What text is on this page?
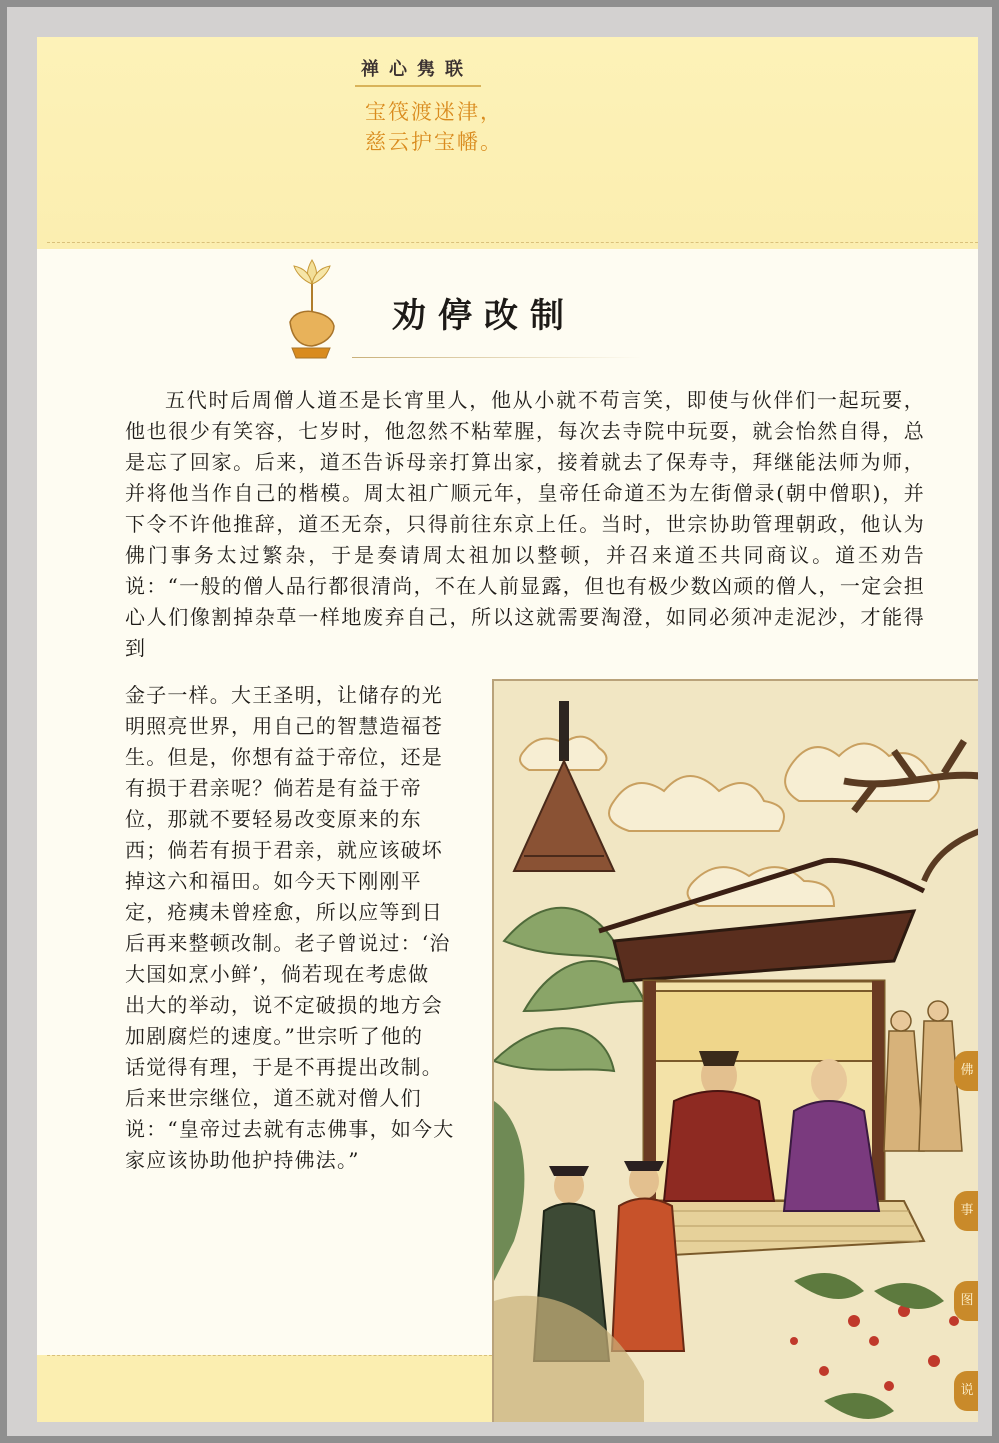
禅心隽联
宝筏渡迷津，
慈云护宝幡。
劝停改制

五代时后周僧人道丕是长宵里人，他从小就不苟言笑，即使与伙伴们一起玩要，他也很少有笑容，七岁时，他忽然不粘荤腥，每次去寺院中玩耍，就会怡然自得，总是忘了回家。后来，道丕告诉母亲打算出家，接着就去了保寿寺，拜继能法师为师，并将他当作自己的楷模。周太祖广顺元年，皇帝任命道丕为左街僧录(朝中僧职)，并下令不许他推辞，道丕无奈，只得前往东京上任。当时，世宗协助管理朝政，他认为佛门事务太过繁杂，于是奏请周太祖加以整顿，并召来道丕共同商议。道丕劝告说：“一般的僧人品行都很清尚，不在人前显露，但也有极少数凶顽的僧人，一定会担心人们像割掉杂草一样地废弃自己，所以这就需要淘澄，如同必须冲走泥沙，才能得到

金子一样。大王圣明，让储存的光
明照亮世界，用自己的智慧造福苍
生。但是，你想有益于帝位，还是
有损于君亲呢？倘若是有益于帝
位，那就不要轻易改变原来的东
西；倘若有损于君亲，就应该破坏
掉这六和福田。如今天下刚刚平
定，疮痍未曾痊愈，所以应等到日
后再来整顿改制。老子曾说过：‘治
大国如烹小鲜’，倘若现在考虑做
出大的举动，说不定破损的地方会
加剧腐烂的速度。”世宗听了他的
话觉得有理，于是不再提出改制。
后来世宗继位，道丕就对僧人们
说：“皇帝过去就有志佛事，如今大
家应该协助他护持佛法。”
佛
事
图
说
